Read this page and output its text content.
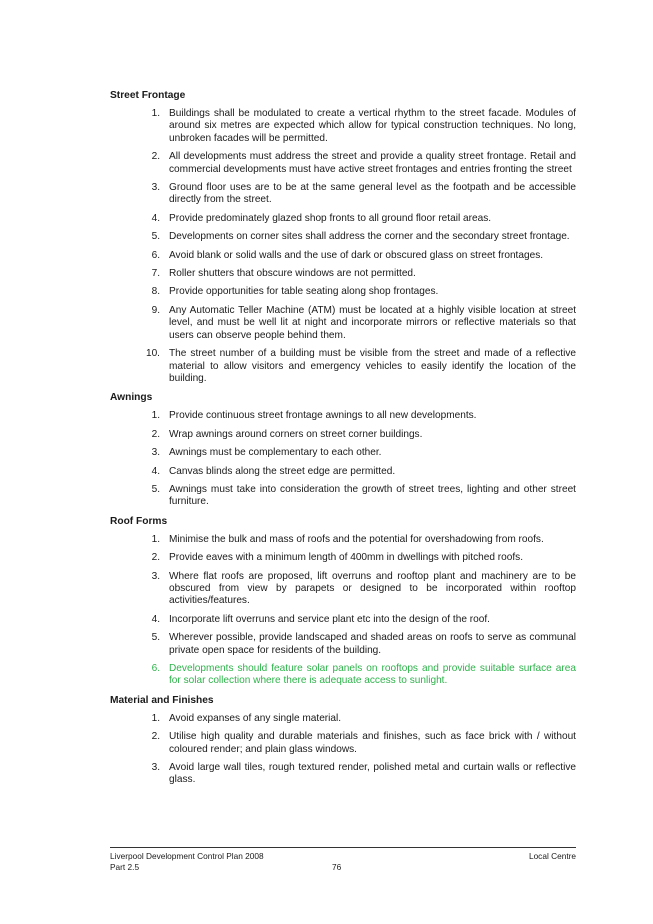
Street Frontage
1. Buildings shall be modulated to create a vertical rhythm to the street facade. Modules of around six metres are expected which allow for typical construction techniques. No long, unbroken facades will be permitted.
2. All developments must address the street and provide a quality street frontage. Retail and commercial developments must have active street frontages and entries fronting the street
3. Ground floor uses are to be at the same general level as the footpath and be accessible directly from the street.
4. Provide predominately glazed shop fronts to all ground floor retail areas.
5. Developments on corner sites shall address the corner and the secondary street frontage.
6. Avoid blank or solid walls and the use of dark or obscured glass on street frontages.
7. Roller shutters that obscure windows are not permitted.
8. Provide opportunities for table seating along shop frontages.
9. Any Automatic Teller Machine (ATM) must be located at a highly visible location at street level, and must be well lit at night and incorporate mirrors or reflective materials so that users can observe people behind them.
10. The street number of a building must be visible from the street and made of a reflective material to allow visitors and emergency vehicles to easily identify the location of the building.
Awnings
1. Provide continuous street frontage awnings to all new developments.
2. Wrap awnings around corners on street corner buildings.
3. Awnings must be complementary to each other.
4. Canvas blinds along the street edge are permitted.
5. Awnings must take into consideration the growth of street trees, lighting and other street furniture.
Roof Forms
1. Minimise the bulk and mass of roofs and the potential for overshadowing from roofs.
2. Provide eaves with a minimum length of 400mm in dwellings with pitched roofs.
3. Where flat roofs are proposed, lift overruns and rooftop plant and machinery are to be obscured from view by parapets or designed to be incorporated within rooftop activities/features.
4. Incorporate lift overruns and service plant etc into the design of the roof.
5. Wherever possible, provide landscaped and shaded areas on roofs to serve as communal private open space for residents of the building.
6. Developments should feature solar panels on rooftops and provide suitable surface area for solar collection where there is adequate access to sunlight.
Material and Finishes
1. Avoid expanses of any single material.
2. Utilise high quality and durable materials and finishes, such as face brick with / without coloured render; and plain glass windows.
3. Avoid large wall tiles, rough textured render, polished metal and curtain walls or reflective glass.
Liverpool Development Control Plan 2008	Local Centre
Part 2.5	76
